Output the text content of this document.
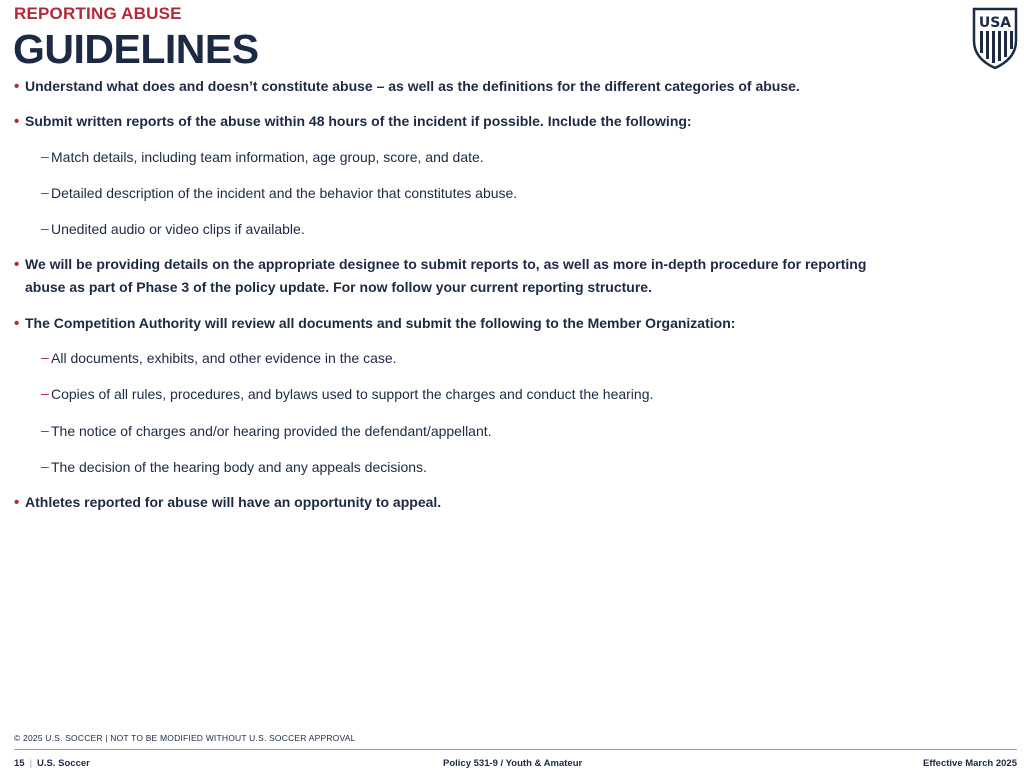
REPORTING ABUSE
GUIDELINES
USA
• Understand what does and doesn’t constitute abuse – as well as the definitions for the different categories of abuse.
• Submit written reports of the abuse within 48 hours of the incident if possible. Include the following:
– Match details, including team information, age group, score, and date.
– Detailed description of the incident and the behavior that constitutes abuse.
– Unedited audio or video clips if available.
• We will be providing details on the appropriate designee to submit reports to, as well as more in-depth procedure for reporting
abuse as part of Phase 3 of the policy update. For now follow your current reporting structure.
• The Competition Authority will review all documents and submit the following to the Member Organization:
– All documents, exhibits, and other evidence in the case.
– Copies of all rules, procedures, and bylaws used to support the charges and conduct the hearing.
– The notice of charges and/or hearing provided the defendant/appellant.
– The decision of the hearing body and any appeals decisions.
• Athletes reported for abuse will have an opportunity to appeal.
© 2025 U.S. SOCCER | NOT TO BE MODIFIED WITHOUT U.S. SOCCER APPROVAL
15 | U.S. Soccer	Policy 531-9 / Youth & Amateur	Effective March 2025
